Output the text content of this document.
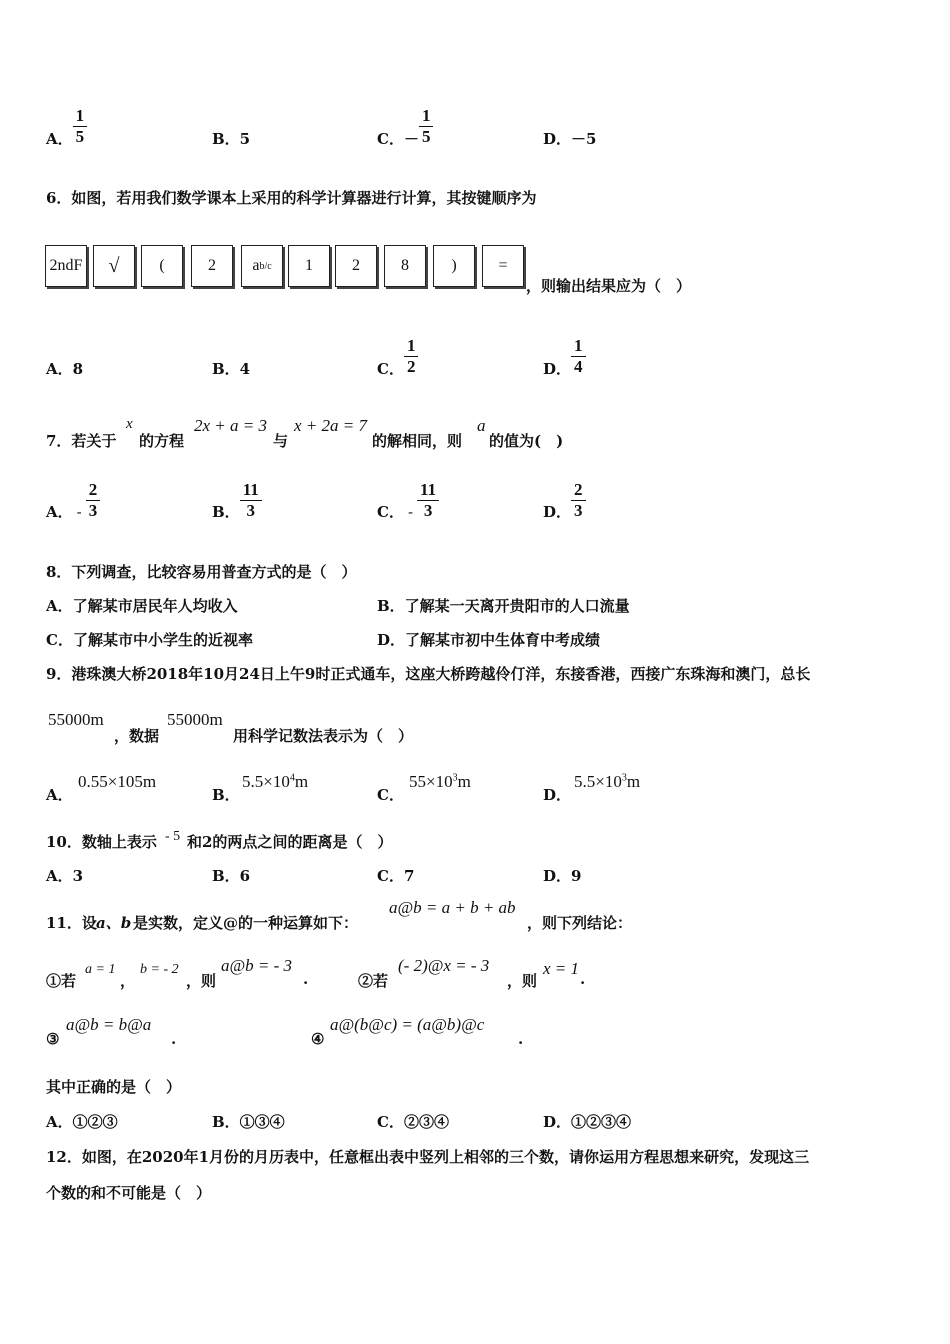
A． $\frac{1}{5}$	B．5	C．－ $\frac{1}{5}$	D．－5
6．如图，若用我们数学课本上采用的科学计算器进行计算，其按键顺序为
2ndF √ (	2 a b/c 1 2	8	)	=
，则输出结果应为（　）
A．8	B．4	C． $\frac{1}{2}$	D． $\frac{1}{4}$
7．若关于
x
的方程
2x + a = 3
与
x + 2a = 7
的解相同，则
a
的值为(　)
A． - $\frac{2}{3}$	B． $\frac{11}{3}$	C． - $\frac{11}{3}$	D． $\frac{2}{3}$
8．下列调查，比较容易用普查方式的是（　）
A．了解某市居民年人均收入	B．了解某一天离开贵阳市的人口流量
C．了解某市中小学生的近视率	D．了解某市初中生体育中考成绩
9．港珠澳大桥2018年10月24日上午9时正式通车，这座大桥跨越伶仃洋，东接香港，西接广东珠海和澳门，总长
55000m
，数据
55000m
用科学记数法表示为（　）
A．
0.55×105m
B．
$5.5\times 10^4m$
C．
$55\times 10^3m$
D．
$5.5\times 10^3m$
10．数轴上表示 - 5 和2的两点之间的距离是（　）
A．3	B．6	C．7	D．9
11．设 a、b 是实数，定义@的一种运算如下：
a@b = a + b + ab
，则下列结论：
①若
a = 1
，
b = - 2
，则
a@b = - 3
.	②若
(- 2)@x = - 3
，则
x = 1
.
③
a@b = b@a
.	④
a@(b@c) = (a@b)@c
.
其中正确的是（　）
A．①②③	B．①③④	C．②③④	D．①②③④
12．如图，在2020年1月份的月历表中，任意框出表中竖列上相邻的三个数，请你运用方程思想来研究，发现这三
个数的和不可能是（　）
